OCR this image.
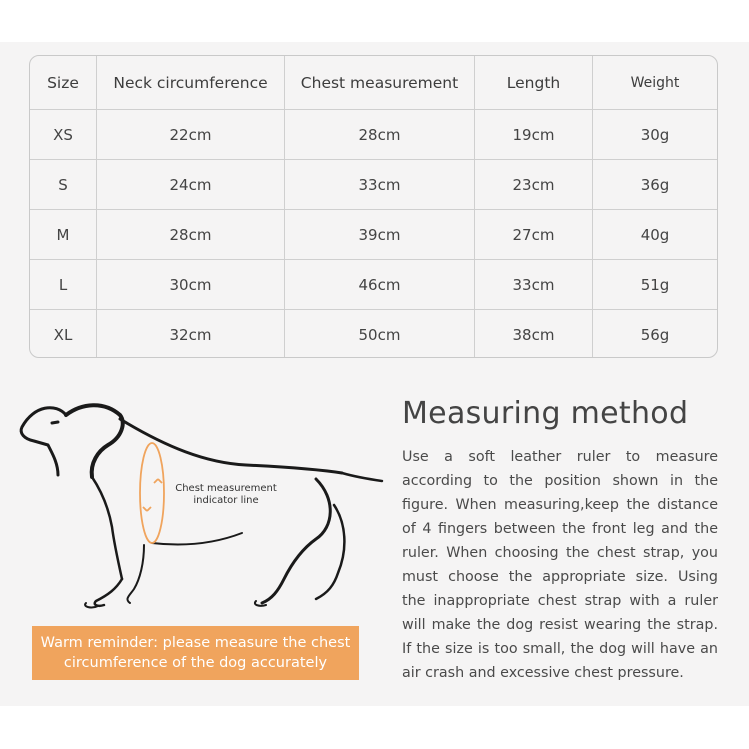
Size	Neck circumference	Chest measurement	Length	Weight
XS	22cm	28cm	19cm	30g
S	24cm	33cm	23cm	36g
M	28cm	39cm	27cm	40g
L	30cm	46cm	33cm	51g
XL	32cm	50cm	38cm	56g
Chest measurement
indicator line
Warm reminder: please measure the chest
circumference of the dog accurately
Measuring method

Use a soft leather ruler to measure according to the position shown in the figure. When measuring,keep the distance of 4 fingers between the front leg and the ruler. When choosing the chest strap, you must choose the appropriate size. Using the inappropriate chest strap with a ruler will make the dog resist wearing the strap. If the size is too small, the dog will have an air crash and excessive chest pressure.
